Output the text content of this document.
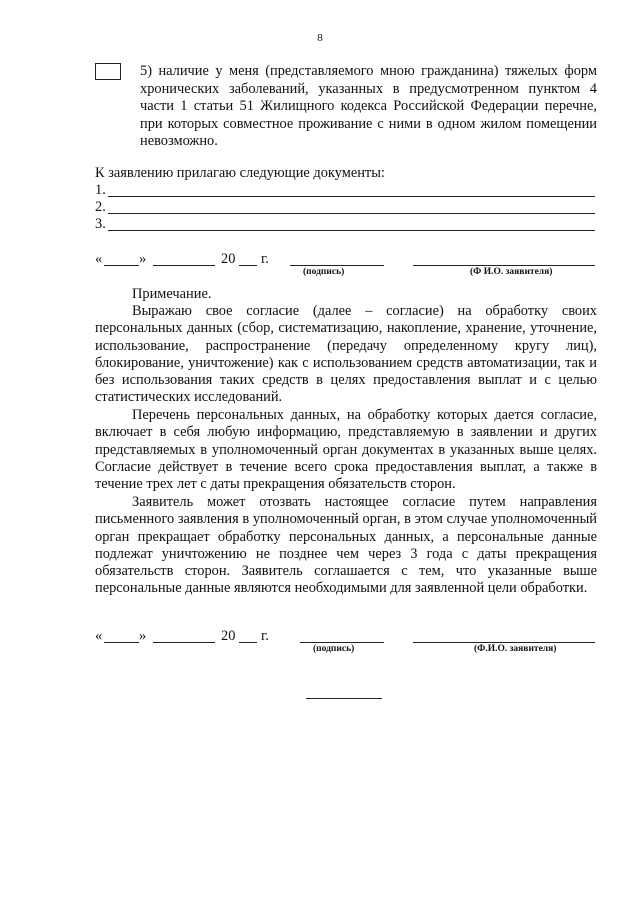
8
5) наличие у меня (представляемого мною гражданина) тяжелых форм хронических заболеваний, указанных в предусмотренном пунктом 4 части 1 статьи 51 Жилищного кодекса Российской Федерации перечне, при которых совместное проживание с ними в одном жилом помещении невозможно.
К заявлению прилагаю следующие документы:
1.
2.
3.
«	»	20 г.
(подпись)	(Ф И.О. заявителя)
Примечание.

Выражаю свое согласие (далее – согласие) на обработку своих персональных данных (сбор, систематизацию, накопление, хранение, уточнение, использование, распространение (передачу определенному кругу лиц), блокирование, уничтожение) как с использованием средств автоматизации, так и без использования таких средств в целях предоставления выплат и с целью статистических исследований.

Перечень персональных данных, на обработку которых дается согласие, включает в себя любую информацию, представляемую в заявлении и других представляемых в уполномоченный орган документах в указанных выше целях. Согласие действует в течение всего срока предоставления выплат, а также в течение трех лет с даты прекращения обязательств сторон.

Заявитель может отозвать настоящее согласие путем направления письменного заявления в уполномоченный орган, в этом случае уполномоченный орган прекращает обработку персональных данных, а персональные данные подлежат уничтожению не позднее чем через 3 года с даты прекращения обязательств сторон. Заявитель соглашается с тем, что указанные выше персональные данные являются необходимыми для заявленной цели обработки.

«	»	20 г.
(подпись)	(Ф.И.О. заявителя)
